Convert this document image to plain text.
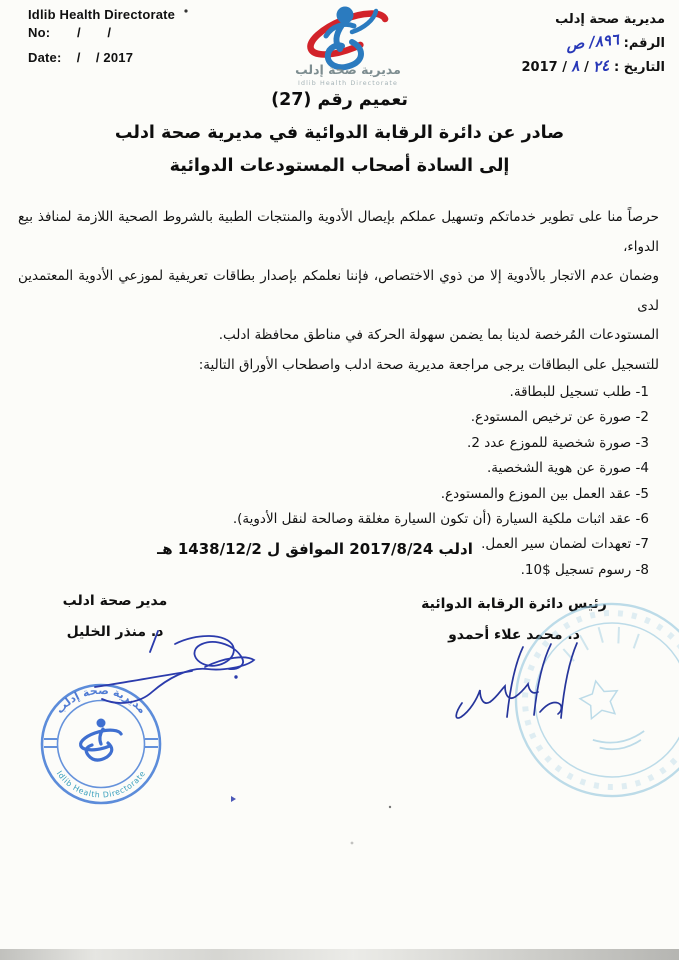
Idlib Health Directorate
No:       /       /
Date:    /    / 2017
مديرية صحة إدلب
Idlib Health Directorate
مديرية صحة إدلب
الرقم: ٨٩٦/ ص
التاريخ : ٢٤ / ٨ / 2017
تعميم رقم (27)
صادر عن دائرة الرقابة الدوائية في مديرية صحة ادلب
إلى السادة أصحاب المستودعات الدوائية
حرصاً منا على تطوير خدماتكم وتسهيل عملكم بإيصال الأدوية والمنتجات الطبية بالشروط الصحية اللازمة لمنافذ بيع الدواء،
وضمان عدم الاتجار بالأدوية إلا من ذوي الاختصاص، فإننا نعلمكم بإصدار بطاقات تعريفية لموزعي الأدوية المعتمدين لدى
المستودعات المُرخصة لدينا بما يضمن سهولة الحركة في مناطق محافظة ادلب.
للتسجيل على البطاقات يرجى مراجعة مديرية صحة ادلب واصطحاب الأوراق التالية:
1- طلب تسجيل للبطاقة.
2- صورة عن ترخيص المستودع.
3- صورة شخصية للموزع عدد 2.
4- صورة عن هوية الشخصية.
5- عقد العمل بين الموزع والمستودع.
6- عقد اثبات ملكية السيارة (أن تكون السيارة مغلقة وصالحة لنقل الأدوية).
7- تعهدات لضمان سير العمل.
8- رسوم تسجيل $10.
ادلب 2017/8/24 الموافق ل 1438/12/2 هـ
مدير صحة ادلب
د. منذر الخليل
رئيس دائرة الرقابة الدوائية
د. محمد علاء أحمدو
مديرية صحة إدلب
Idlib Health Directorate
